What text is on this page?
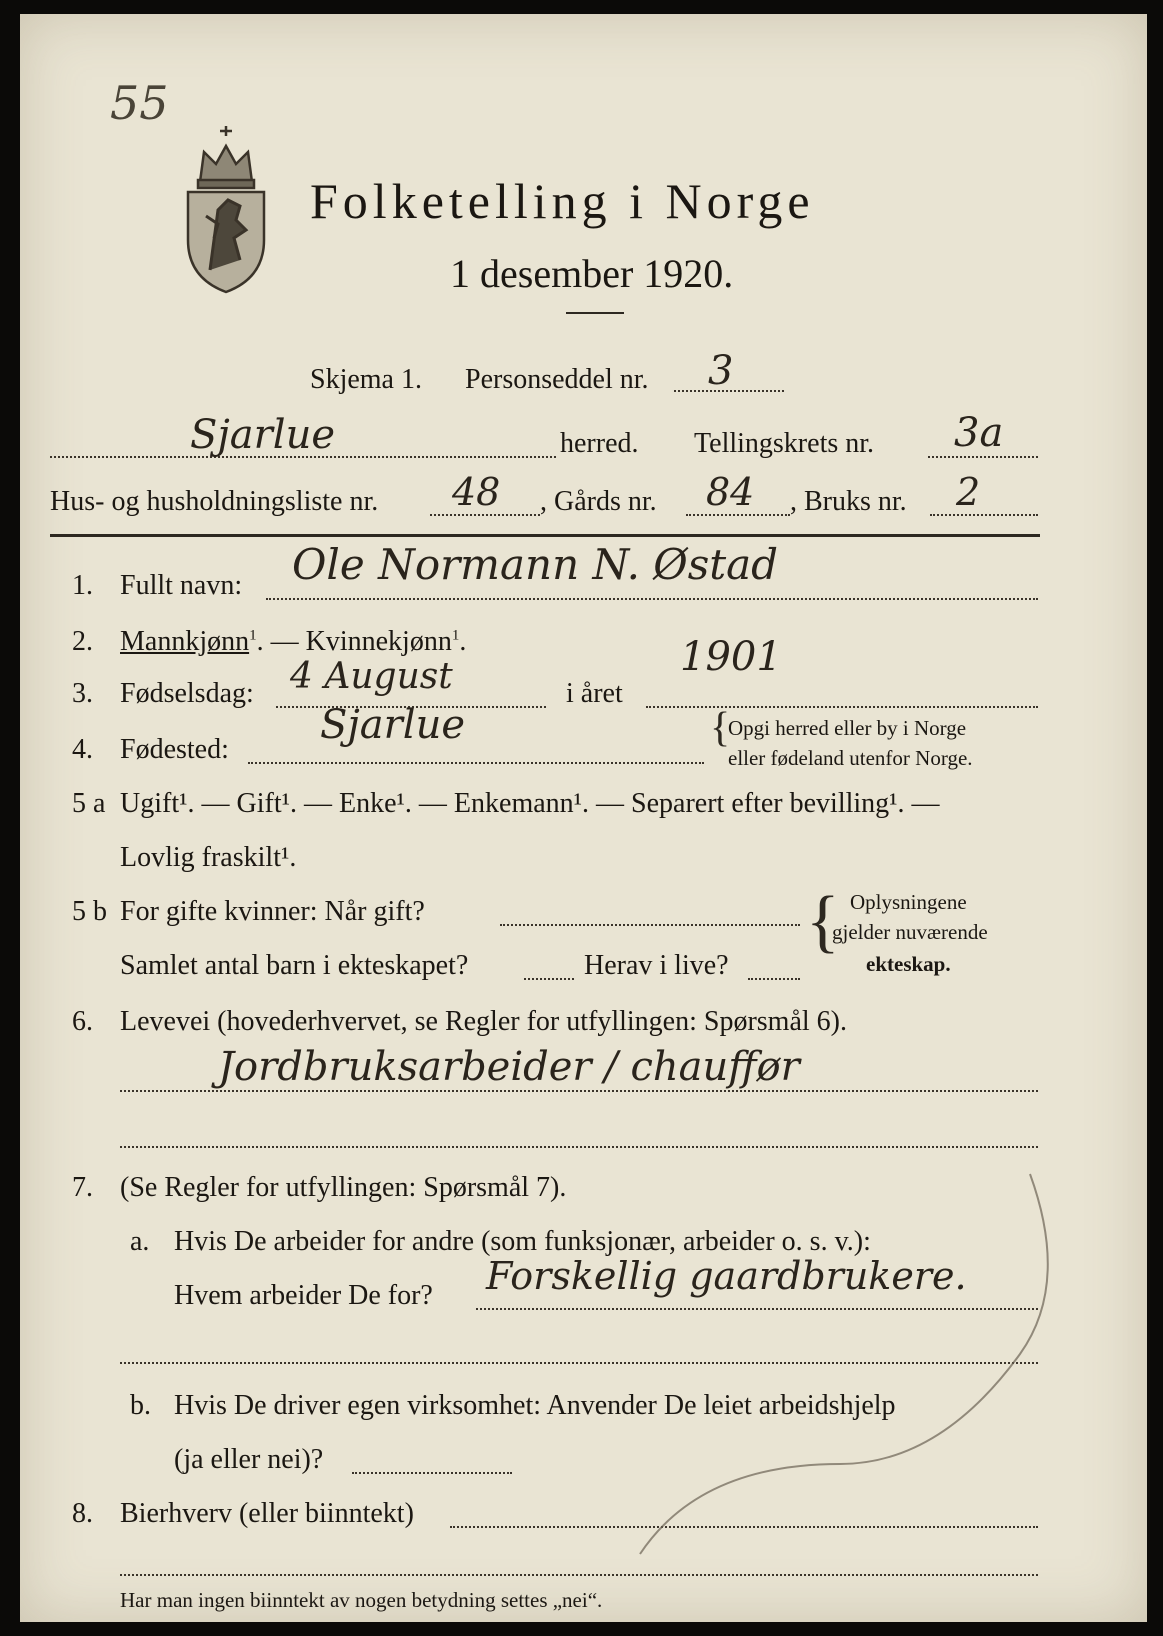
55
Folketelling i Norge
1 desember 1920.
Skjema 1. Personseddel nr. 3
Sjarlue	herred. Tellingskrets nr. 3a
Hus- og husholdningsliste nr. 48 , Gårds nr. 84 , Bruks nr. 2
1. Fullt navn: Ole Normann N. Østad
2. Mannkjønn$^1$. — Kvinnekjønn$^1$.
3. Fødselsdag: 4 August	i året
1901
4. Fødested:
Sjarlue	{
Opgi herred eller by i Norge
eller fødeland utenfor Norge.
5 a Ugift¹. — Gift¹. — Enke¹. — Enkemann¹. — Separert efter bevilling¹. —
Lovlig fraskilt¹.
5 b For gifte kvinner: Når gift?
Samlet antal barn i ekteskapet?	Herav i live?
{ Oplysningene
gjelder nuværende
ekteskap.
6. Levevei (hovederhvervet, se Regler for utfyllingen: Spørsmål 6).
Jordbruksarbeider / chauffør
7. (Se Regler for utfyllingen: Spørsmål 7).
a. Hvis De arbeider for andre (som funksjonær, arbeider o. s. v.):
Hvem arbeider De for? Forskellig gaardbrukere.
b. Hvis De driver egen virksomhet: Anvender De leiet arbeidshjelp
(ja eller nei)?
8. Bierhverv (eller biinntekt)
Har man ingen biinntekt av nogen betydning settes „nei“.
